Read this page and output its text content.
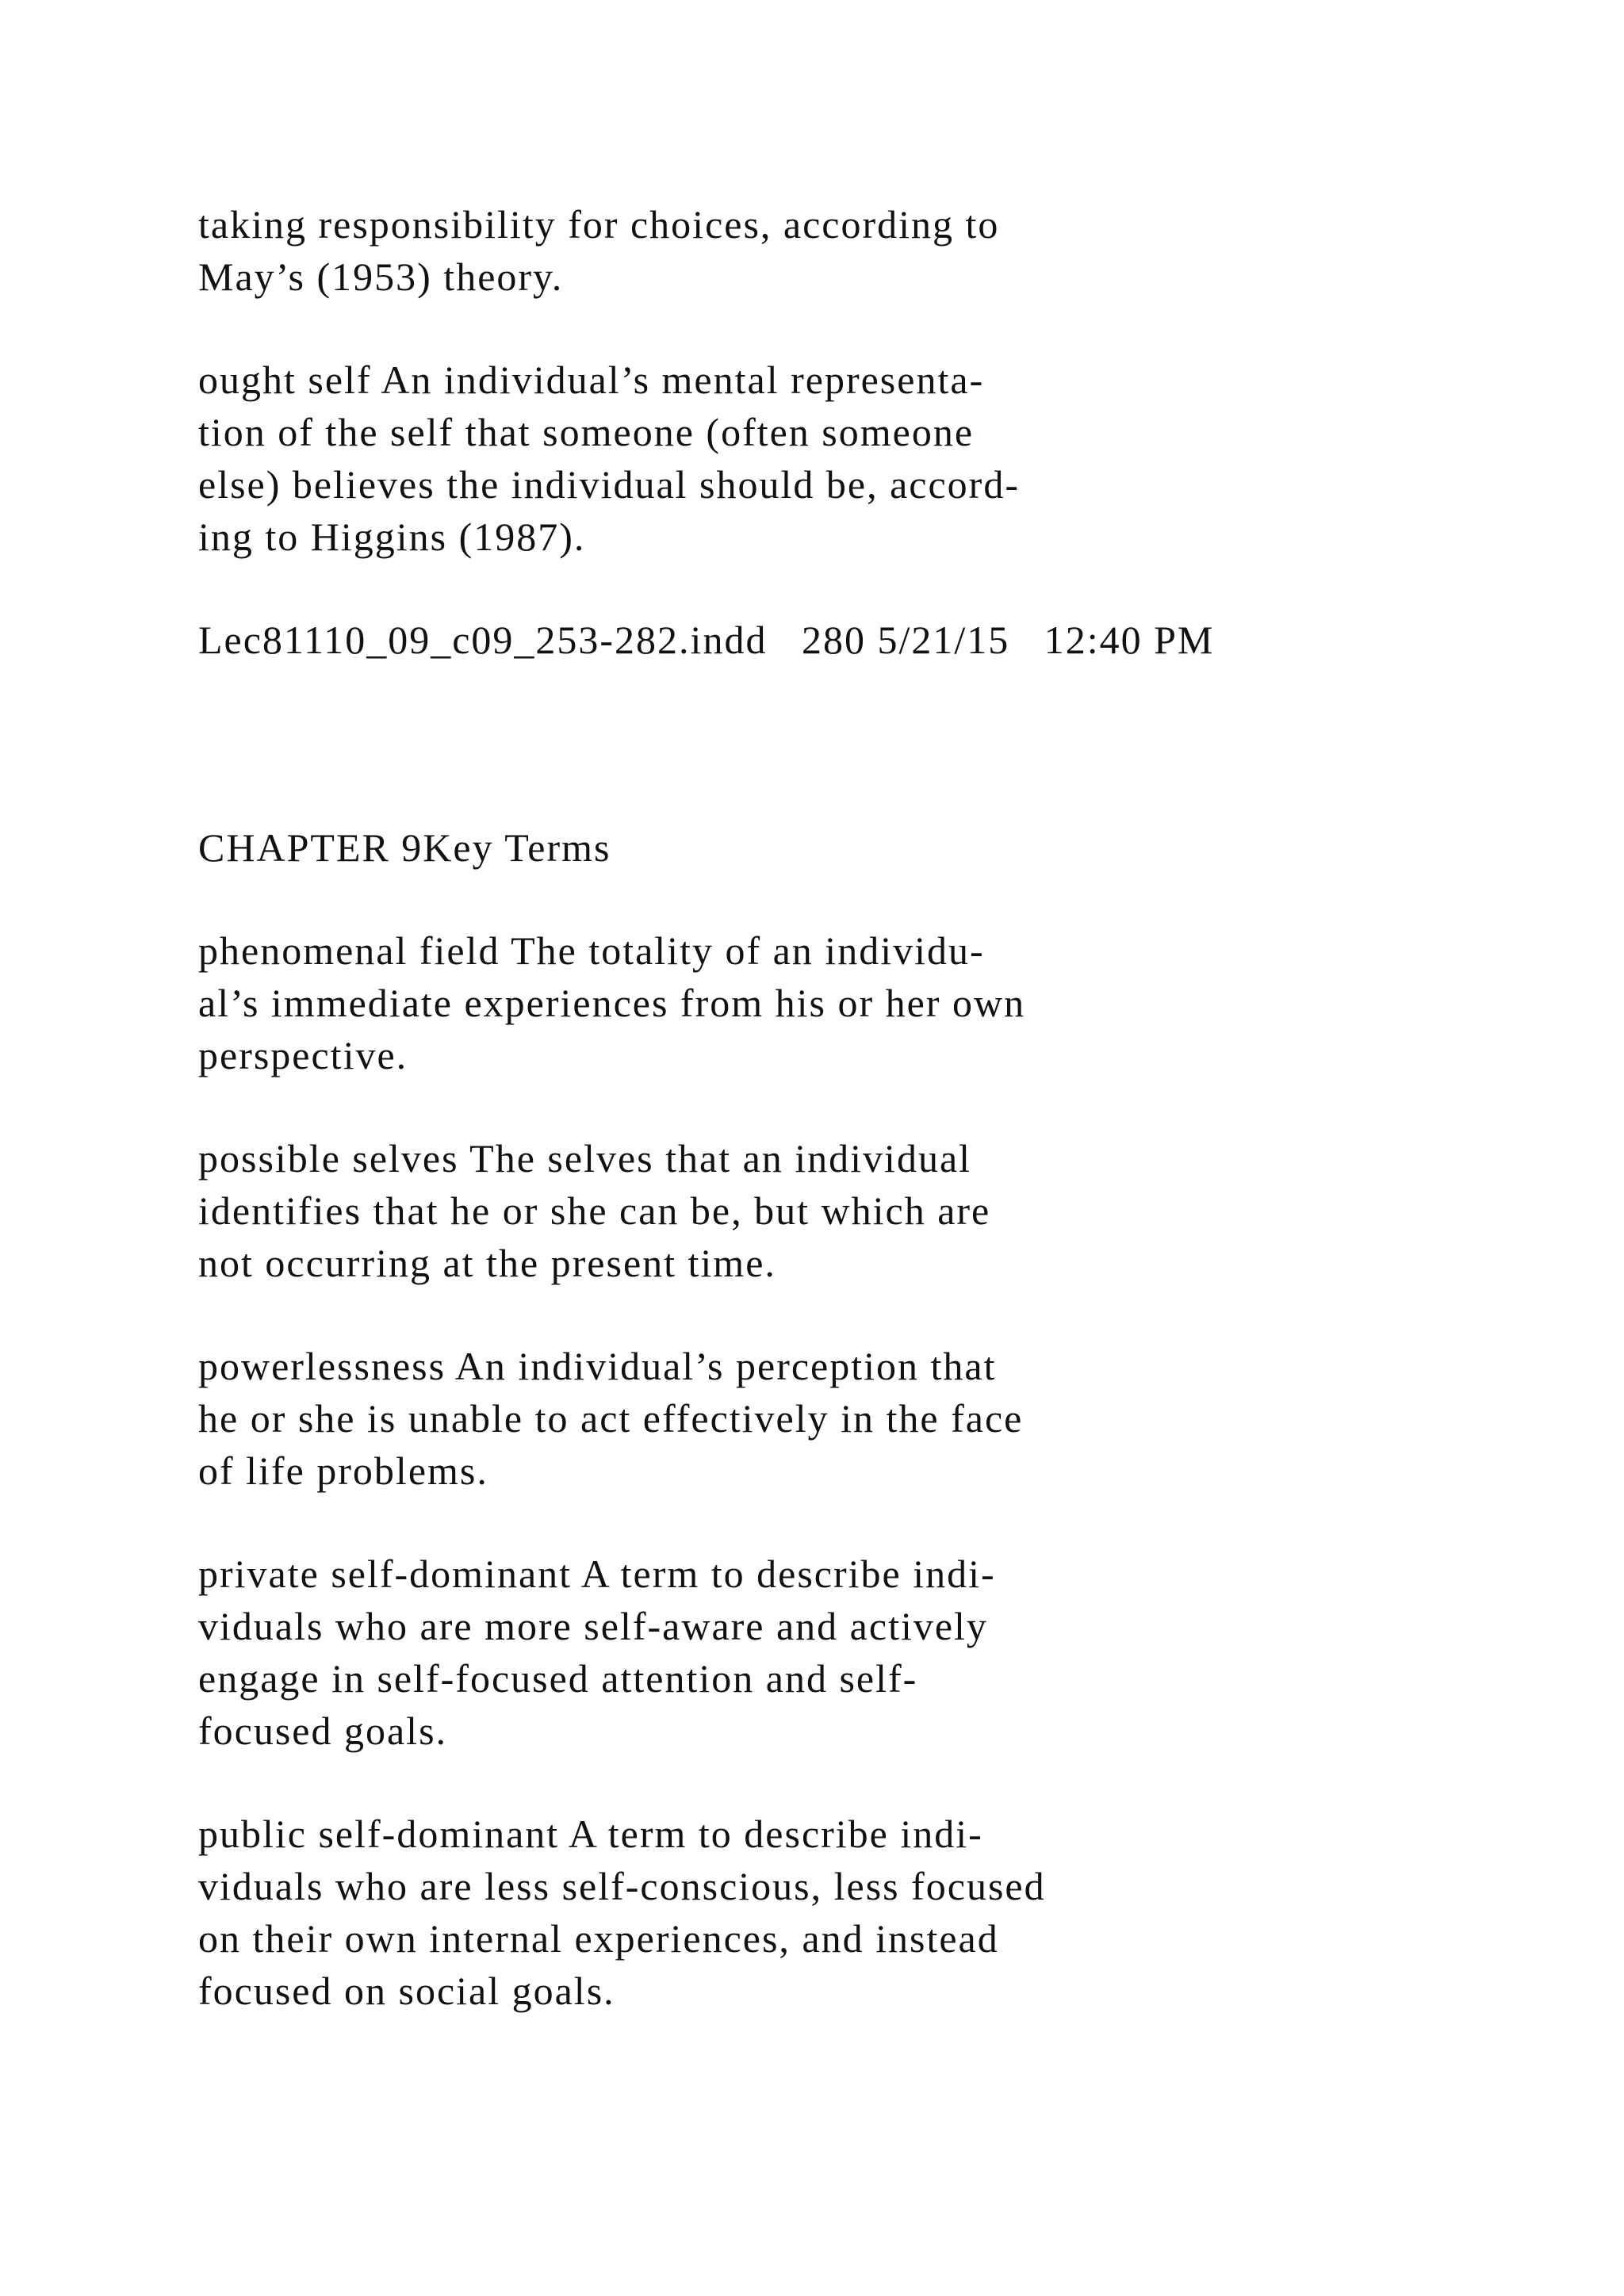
taking responsibility for choices, according to
May’s (1953) theory.
ought self An individual’s mental representa-
tion of the self that someone (often someone
else) believes the individual should be, accord-
ing to Higgins (1987).
Lec81110_09_c09_253-282.indd   280 5/21/15   12:40 PM
CHAPTER 9Key Terms
phenomenal field The totality of an individu-
al’s immediate experiences from his or her own
perspective.
possible selves The selves that an individual
identifies that he or she can be, but which are
not occurring at the present time.
powerlessness An individual’s perception that
he or she is unable to act effectively in the face
of life problems.
private self-dominant A term to describe indi-
viduals who are more self-aware and actively
engage in self-focused attention and self-
focused goals.
public self-dominant A term to describe indi-
viduals who are less self-conscious, less focused
on their own internal experiences, and instead
focused on social goals.
